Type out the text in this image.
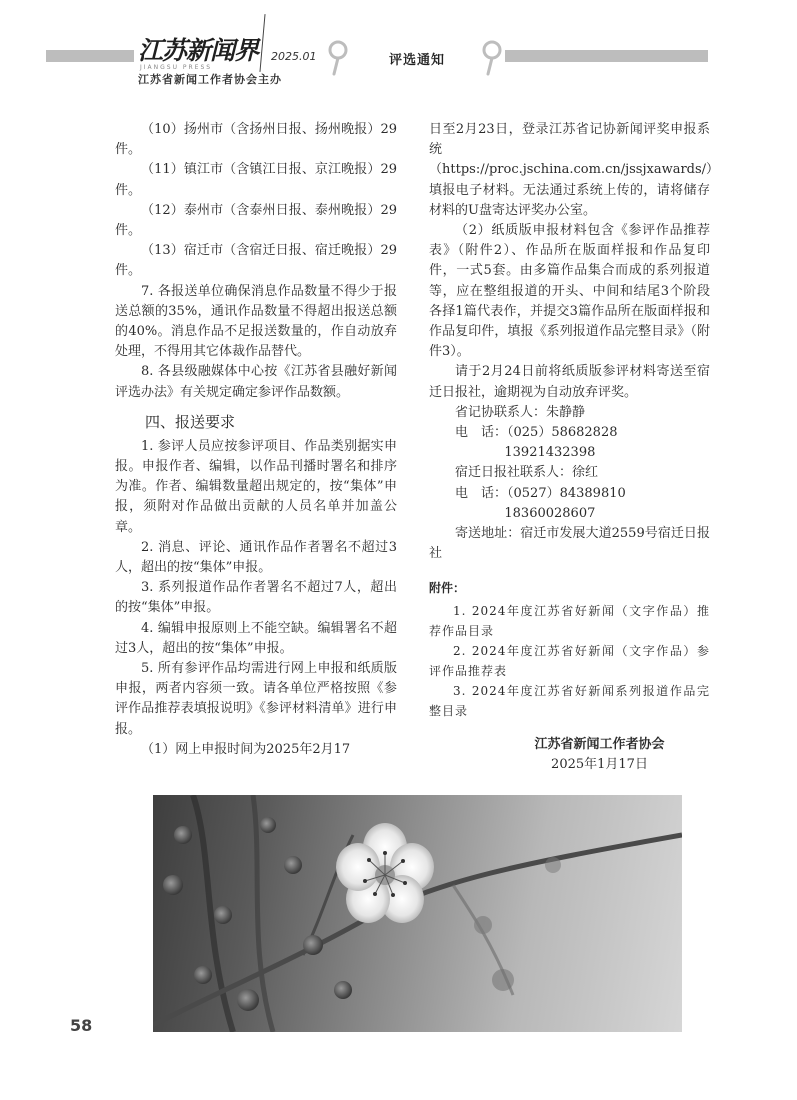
江苏新闻界
JIANGSU PRESS
2025.01
江苏省新闻工作者协会主办
评选通知

（10）扬州市（含扬州日报、扬州晚报）29件。

（11）镇江市（含镇江日报、京江晚报）29件。

（12）泰州市（含泰州日报、泰州晚报）29件。

（13）宿迁市（含宿迁日报、宿迁晚报）29件。

7. 各报送单位确保消息作品数量不得少于报送总额的35%，通讯作品数量不得超出报送总额的40%。消息作品不足报送数量的，作自动放弃处理，不得用其它体裁作品替代。

8. 各县级融媒体中心按《江苏省县融好新闻评选办法》有关规定确定参评作品数额。

四、报送要求

1. 参评人员应按参评项目、作品类别据实申报。申报作者、编辑，以作品刊播时署名和排序为准。作者、编辑数量超出规定的，按“集体”申报，须附对作品做出贡献的人员名单并加盖公章。

2. 消息、评论、通讯作品作者署名不超过3人，超出的按“集体”申报。

3. 系列报道作品作者署名不超过7人，超出的按“集体”申报。

4. 编辑申报原则上不能空缺。编辑署名不超过3人，超出的按“集体”申报。

5. 所有参评作品均需进行网上申报和纸质版申报，两者内容须一致。请各单位严格按照《参评作品推荐表填报说明》《参评材料清单》进行申报。

（1）网上申报时间为2025年2月17

日至2月23日，登录江苏省记协新闻评奖申报系统（https://proc.jschina.com.cn/jssjxawards/）填报电子材料。无法通过系统上传的，请将储存材料的U盘寄达评奖办公室。

（2）纸质版申报材料包含《参评作品推荐表》（附件2）、作品所在版面样报和作品复印件，一式5套。由多篇作品集合而成的系列报道等，应在整组报道的开头、中间和结尾3个阶段各择1篇代表作，并提交3篇作品所在版面样报和作品复印件，填报《系列报道作品完整目录》（附件3）。

请于2月24日前将纸质版参评材料寄送至宿迁日报社，逾期视为自动放弃评奖。

省记协联系人：朱静静

电　话：（025）58682828

13921432398

宿迁日报社联系人：徐红

电　话：（0527）84389810

18360028607

寄送地址：宿迁市发展大道2559号宿迁日报社

附件：

1. 2024年度江苏省好新闻（文字作品）推荐作品目录

2. 2024年度江苏省好新闻（文字作品）参评作品推荐表

3. 2024年度江苏省好新闻系列报道作品完整目录

江苏省新闻工作者协会
2025年1月17日
58
